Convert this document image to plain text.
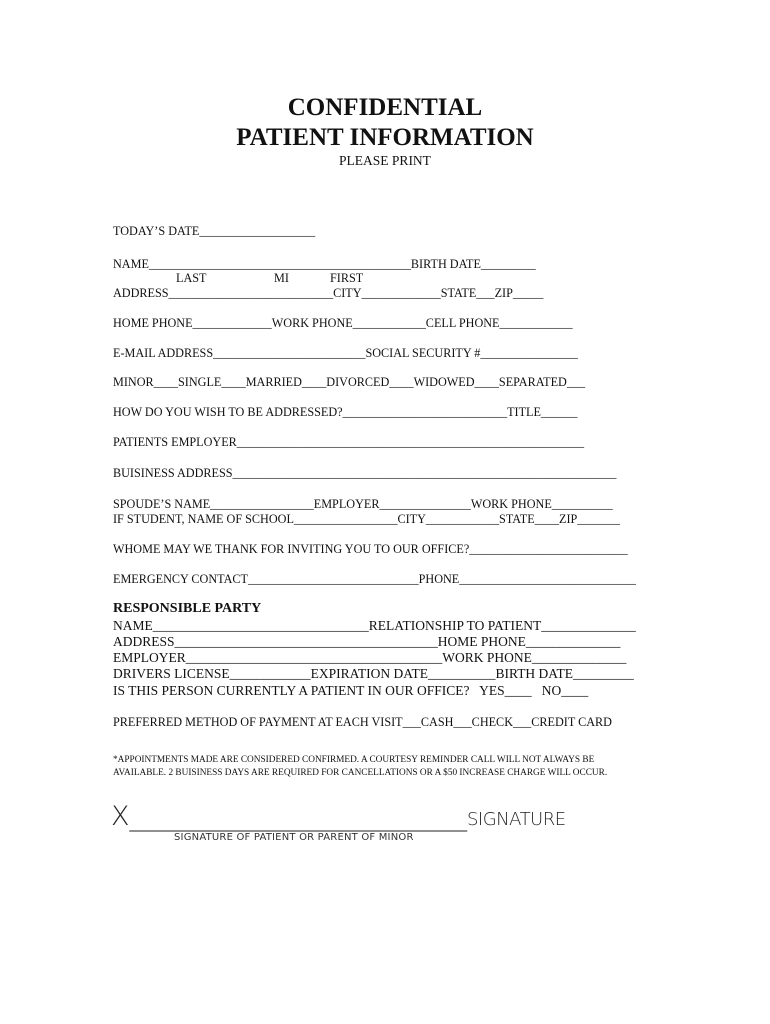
CONFIDENTIAL
PATIENT INFORMATION
PLEASE PRINT
TODAY’S DATE___________________
NAME___________________________________________BIRTH DATE_________
LAST	MI	FIRST
ADDRESS___________________________CITY_____________STATE___ZIP_____
HOME PHONE_____________WORK PHONE____________CELL PHONE____________
E-MAIL ADDRESS_________________________SOCIAL SECURITY #________________
MINOR____SINGLE____MARRIED____DIVORCED____WIDOWED____SEPARATED___
HOW DO YOU WISH TO BE ADDRESSED?___________________________TITLE______
PATIENTS EMPLOYER_________________________________________________________
BUISINESS ADDRESS_______________________________________________________________
SPOUDE’S NAME_________________EMPLOYER_______________WORK PHONE__________
IF STUDENT, NAME OF SCHOOL_________________CITY____________STATE____ZIP_______
WHOME MAY WE THANK FOR INVITING YOU TO OUR OFFICE?__________________________
EMERGENCY CONTACT____________________________PHONE_____________________________
RESPONSIBLE PARTY
NAME________________________________RELATIONSHIP TO PATIENT______________
ADDRESS_______________________________________HOME PHONE______________
EMPLOYER______________________________________WORK PHONE______________
DRIVERS LICENSE____________EXPIRATION DATE__________BIRTH DATE_________
IS THIS PERSON CURRENTLY A PATIENT IN OUR OFFICE?   YES____   NO____
PREFERRED METHOD OF PAYMENT AT EACH VISIT___CASH___CHECK___CREDIT CARD
*APPOINTMENTS MADE ARE CONSIDERED CONFIRMED. A COURTESY REMINDER CALL WILL NOT ALWAYS BE
AVAILABLE. 2 BUISINESS DAYS ARE REQUIRED FOR CANCELLATIONS OR A $50 INCREASE CHARGE WILL OCCUR.
X_________________________SIGNATURE
SIGNATURE OF PATIENT OR PARENT OF MINOR
